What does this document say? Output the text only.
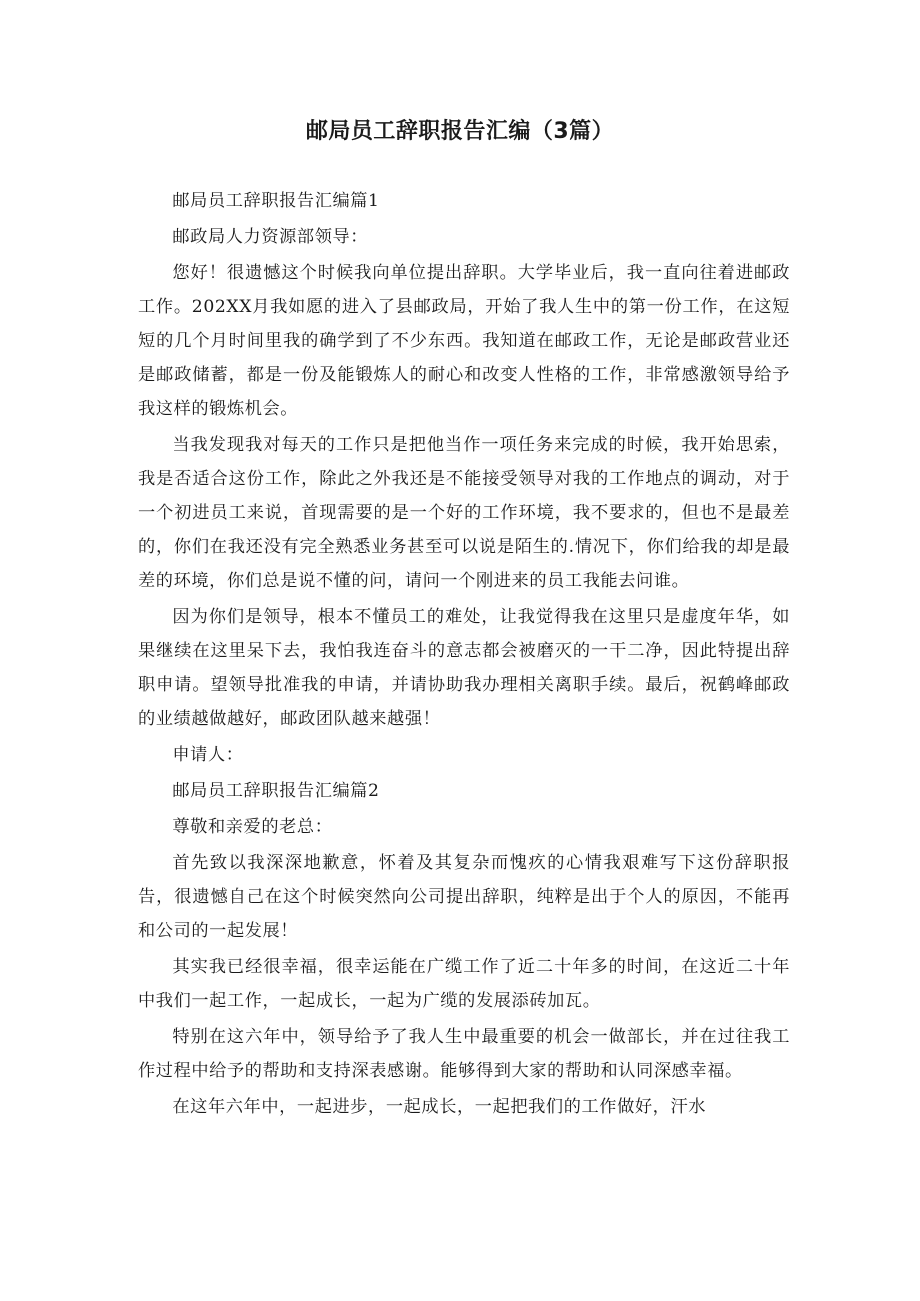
邮局员工辞职报告汇编（3篇）

邮局员工辞职报告汇编篇1

邮政局人力资源部领导：

您好！很遗憾这个时候我向单位提出辞职。大学毕业后，我一直向往着进邮政工作。202XX月我如愿的进入了县邮政局，开始了我人生中的第一份工作，在这短短的几个月时间里我的确学到了不少东西。我知道在邮政工作，无论是邮政营业还是邮政储蓄，都是一份及能锻炼人的耐心和改变人性格的工作，非常感激领导给予我这样的锻炼机会。

当我发现我对每天的工作只是把他当作一项任务来完成的时候，我开始思索，我是否适合这份工作，除此之外我还是不能接受领导对我的工作地点的调动，对于一个初进员工来说，首现需要的是一个好的工作环境，我不要求的，但也不是最差的，你们在我还没有完全熟悉业务甚至可以说是陌生的.情况下，你们给我的却是最差的环境，你们总是说不懂的问，请问一个刚进来的员工我能去问谁。

因为你们是领导，根本不懂员工的难处，让我觉得我在这里只是虚度年华，如果继续在这里呆下去，我怕我连奋斗的意志都会被磨灭的一干二净，因此特提出辞职申请。望领导批准我的申请，并请协助我办理相关离职手续。最后，祝鹤峰邮政的业绩越做越好，邮政团队越来越强！

申请人：

邮局员工辞职报告汇编篇2

尊敬和亲爱的老总：

首先致以我深深地歉意，怀着及其复杂而愧疚的心情我艰难写下这份辞职报告，很遗憾自己在这个时候突然向公司提出辞职，纯粹是出于个人的原因，不能再和公司的一起发展！

其实我已经很幸福，很幸运能在广缆工作了近二十年多的时间，在这近二十年中我们一起工作，一起成长，一起为广缆的发展添砖加瓦。

特别在这六年中，领导给予了我人生中最重要的机会一做部长，并在过往我工作过程中给予的帮助和支持深表感谢。能够得到大家的帮助和认同深感幸福。

在这年六年中，一起进步，一起成长，一起把我们的工作做好，汗水
